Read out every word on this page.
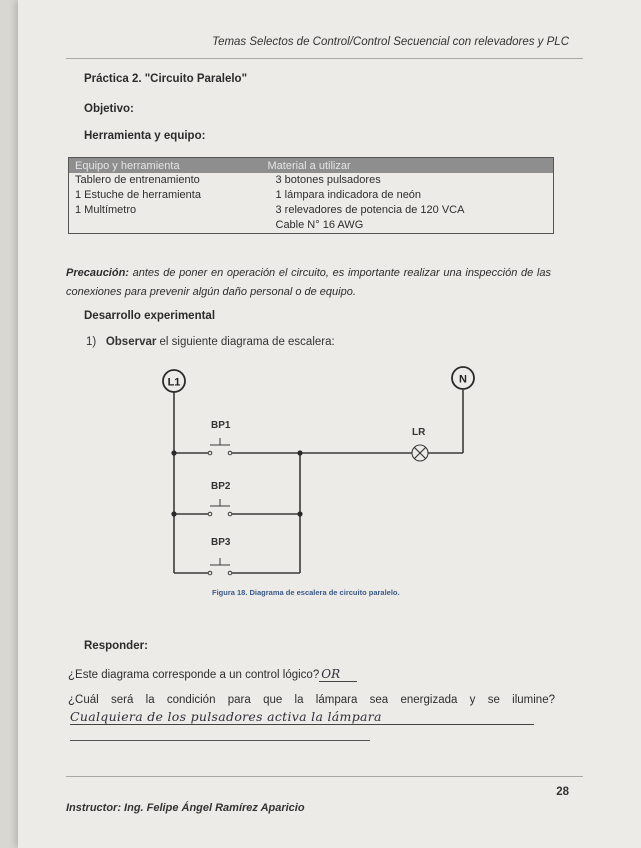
Temas Selectos de Control/Control Secuencial con relevadores y PLC
Práctica 2. "Circuito Paralelo"
Objetivo:
Herramienta y equipo:
Equipo y herramienta	Material a utilizar
Tablero de entrenamiento	3 botones pulsadores
1 Estuche de herramienta	1 lámpara indicadora de neón
1 Multímetro	3 relevadores de potencia de 120 VCA
	Cable N° 16 AWG
Precaución: antes de poner en operación el circuito, es importante realizar una inspección de las conexiones para prevenir algún daño personal o de equipo.
Desarrollo experimental
1) Observar el siguiente diagrama de escalera:
L1	N
BP1
BP2
BP3
LR
Figura 18. Diagrama de escalera de circuito paralelo.
Responder:
¿Este diagrama corresponde a un control lógico? OR
¿Cuál será la condición para que la lámpara sea energizada y se ilumine?
Cualquiera de los pulsadores activa la lámpara
28
Instructor: Ing. Felipe Ángel Ramírez Aparicio
